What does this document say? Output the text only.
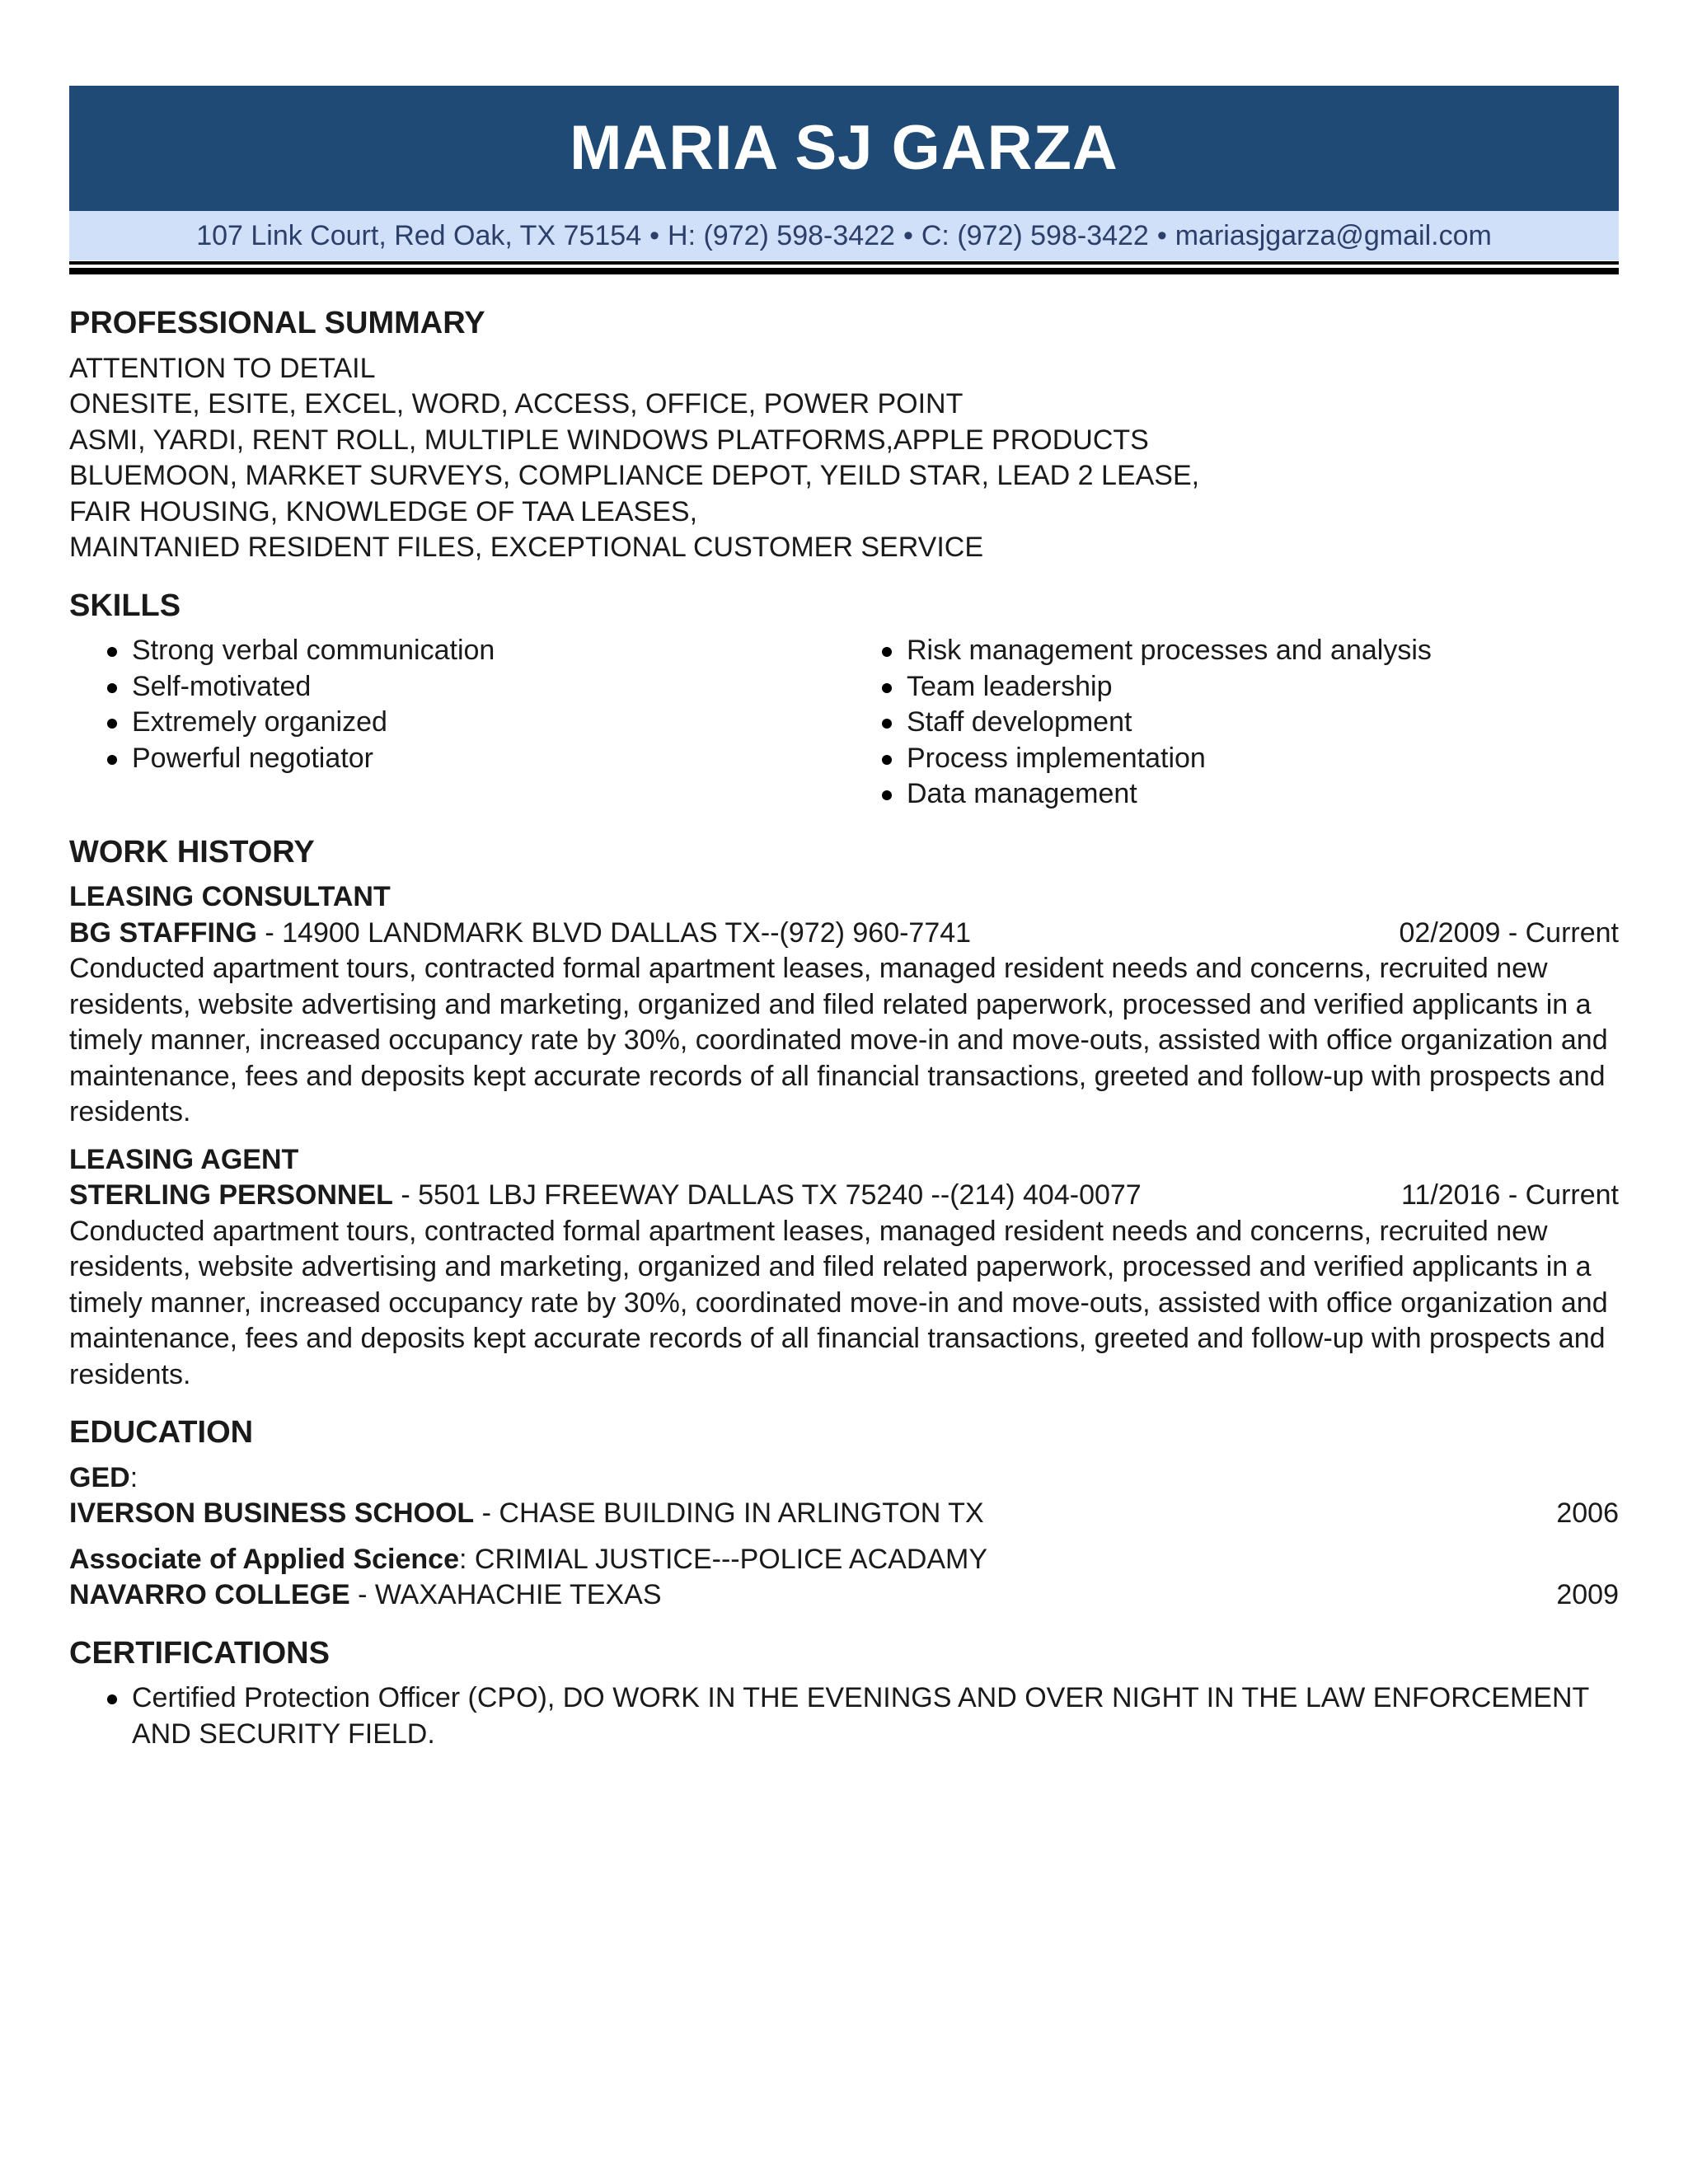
MARIA SJ GARZA
107 Link Court, Red Oak, TX 75154 • H: (972) 598-3422 • C: (972) 598-3422 • mariasjgarza@gmail.com
PROFESSIONAL SUMMARY
ATTENTION TO DETAIL
ONESITE, ESITE, EXCEL, WORD, ACCESS, OFFICE, POWER POINT
ASMI, YARDI, RENT ROLL, MULTIPLE WINDOWS PLATFORMS,APPLE PRODUCTS
BLUEMOON, MARKET SURVEYS, COMPLIANCE DEPOT, YEILD STAR, LEAD 2 LEASE,
FAIR HOUSING, KNOWLEDGE OF TAA LEASES,
MAINTANIED RESIDENT FILES, EXCEPTIONAL CUSTOMER SERVICE
SKILLS
Strong verbal communication
Self-motivated
Extremely organized
Powerful negotiator
Risk management processes and analysis
Team leadership
Staff development
Process implementation
Data management
WORK HISTORY
LEASING CONSULTANT
BG STAFFING - 14900 LANDMARK BLVD DALLAS TX--(972) 960-7741	02/2009 - Current
Conducted apartment tours, contracted formal apartment leases, managed resident needs and concerns, recruited new residents, website advertising and marketing, organized and filed related paperwork, processed and verified applicants in a timely manner, increased occupancy rate by 30%, coordinated move-in and move-outs, assisted with office organization and maintenance, fees and deposits kept accurate records of all financial transactions, greeted and follow-up with prospects and residents.
LEASING AGENT
STERLING PERSONNEL - 5501 LBJ FREEWAY DALLAS TX 75240 --(214) 404-0077	11/2016 - Current
Conducted apartment tours, contracted formal apartment leases, managed resident needs and concerns, recruited new residents, website advertising and marketing, organized and filed related paperwork, processed and verified applicants in a timely manner, increased occupancy rate by 30%, coordinated move-in and move-outs, assisted with office organization and maintenance, fees and deposits kept accurate records of all financial transactions, greeted and follow-up with prospects and residents.
EDUCATION
GED:
IVERSON BUSINESS SCHOOL - CHASE BUILDING IN ARLINGTON TX	2006
Associate of Applied Science: CRIMIAL JUSTICE---POLICE ACADAMY
NAVARRO COLLEGE - WAXAHACHIE TEXAS	2009
CERTIFICATIONS
Certified Protection Officer (CPO), DO WORK IN THE EVENINGS AND OVER NIGHT IN THE LAW ENFORCEMENT AND SECURITY FIELD.
